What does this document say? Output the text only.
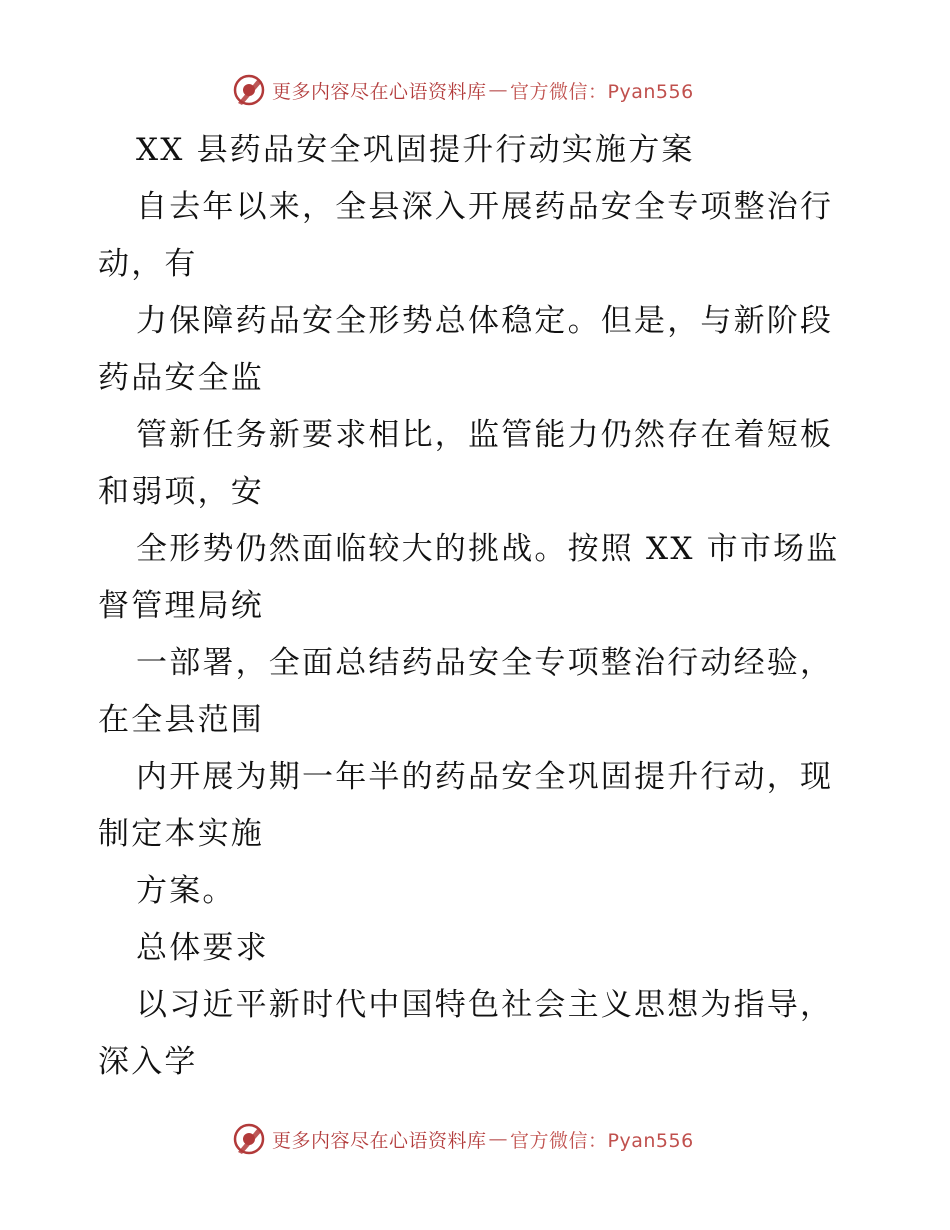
更多内容尽在心语资料库 — 官方微信：Pyan556
XX 县药品安全巩固提升行动实施方案
自去年以来，全县深入开展药品安全专项整治行
动，有
力保障药品安全形势总体稳定。但是，与新阶段
药品安全监
管新任务新要求相比，监管能力仍然存在着短板
和弱项，安
全形势仍然面临较大的挑战。按照 XX 市市场监
督管理局统
一部署，全面总结药品安全专项整治行动经验，
在全县范围
内开展为期一年半的药品安全巩固提升行动，现
制定本实施
方案。
总体要求
以习近平新时代中国特色社会主义思想为指导，
深入学
更多内容尽在心语资料库 — 官方微信：Pyan556
